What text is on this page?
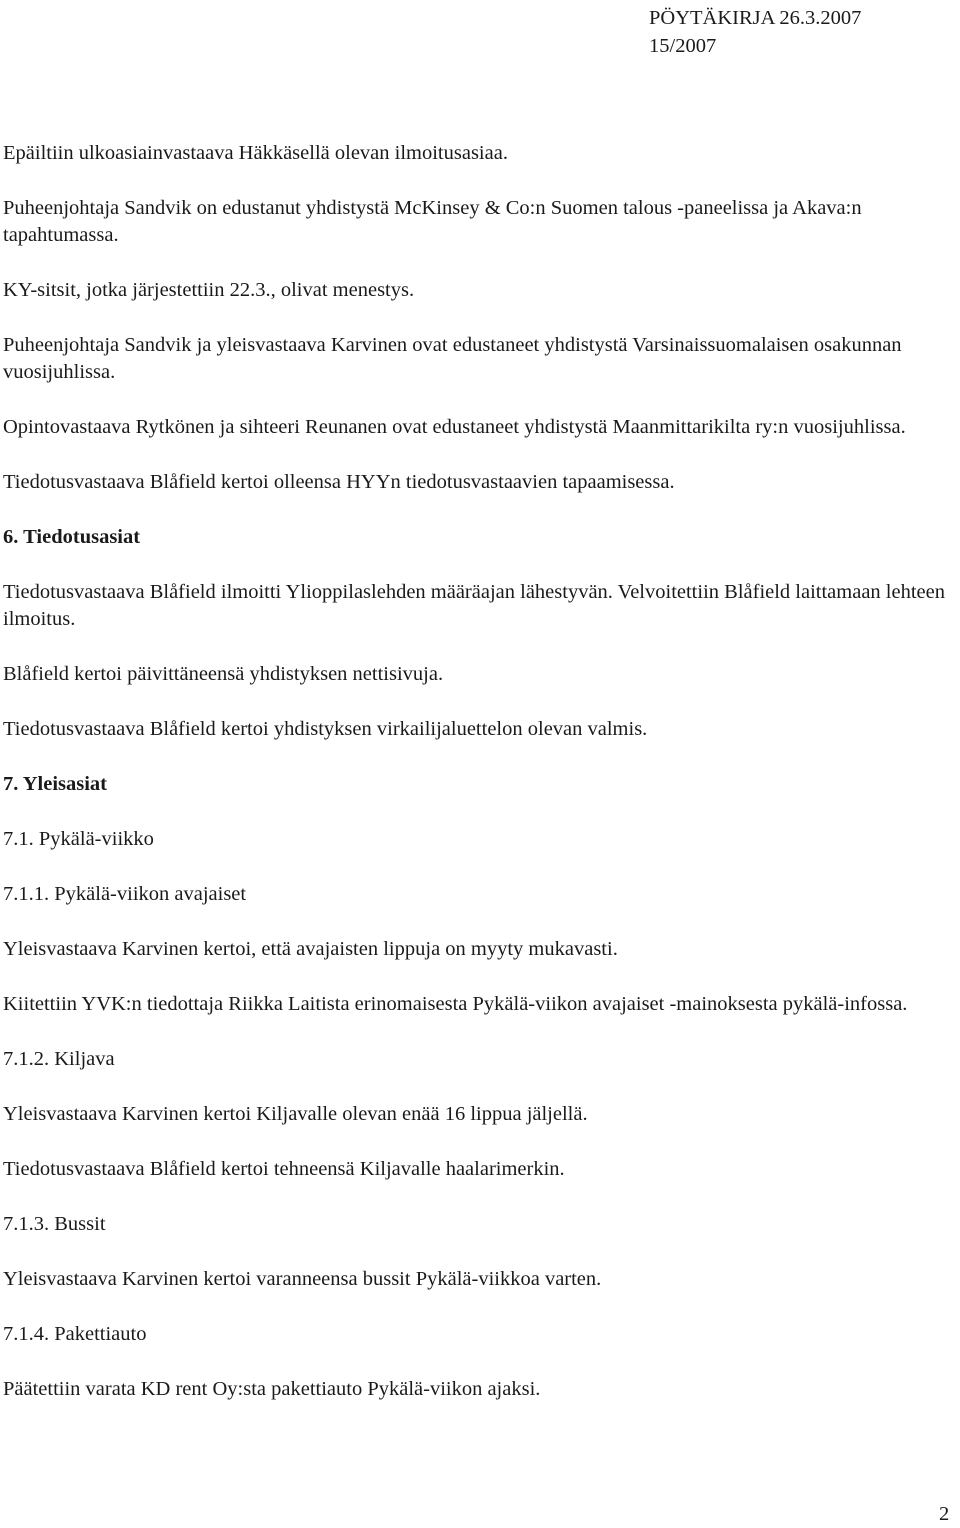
PÖYTÄKIRJA 26.3.2007
15/2007

Epäiltiin ulkoasiainvastaava Häkkäsellä olevan ilmoitusasiaa.

Puheenjohtaja Sandvik on edustanut yhdistystä McKinsey & Co:n Suomen talous -paneelissa ja Akava:n tapahtumassa.

KY-sitsit, jotka järjestettiin 22.3., olivat menestys.

Puheenjohtaja Sandvik ja yleisvastaava Karvinen ovat edustaneet yhdistystä Varsinaissuomalaisen osakunnan vuosijuhlissa.

Opintovastaava Rytkönen ja sihteeri Reunanen ovat edustaneet yhdistystä Maanmittarikilta ry:n vuosijuhlissa.

Tiedotusvastaava Blåfield kertoi olleensa HYYn tiedotusvastaavien tapaamisessa.

6. Tiedotusasiat

Tiedotusvastaava Blåfield ilmoitti Ylioppilaslehden määräajan lähestyvän. Velvoitettiin Blåfield laittamaan lehteen ilmoitus.

Blåfield kertoi päivittäneensä yhdistyksen nettisivuja.

Tiedotusvastaava Blåfield kertoi yhdistyksen virkailijaluettelon olevan valmis.

7. Yleisasiat

7.1. Pykälä-viikko

7.1.1. Pykälä-viikon avajaiset

Yleisvastaava Karvinen kertoi, että avajaisten lippuja on myyty mukavasti.

Kiitettiin YVK:n tiedottaja Riikka Laitista erinomaisesta Pykälä-viikon avajaiset -mainoksesta pykälä-infossa.

7.1.2. Kiljava

Yleisvastaava Karvinen kertoi Kiljavalle olevan enää 16 lippua jäljellä.

Tiedotusvastaava Blåfield kertoi tehneensä Kiljavalle haalarimerkin.

7.1.3. Bussit

Yleisvastaava Karvinen kertoi varanneensa bussit Pykälä-viikkoa varten.

7.1.4. Pakettiauto

Päätettiin varata KD rent Oy:sta pakettiauto Pykälä-viikon ajaksi.

2
